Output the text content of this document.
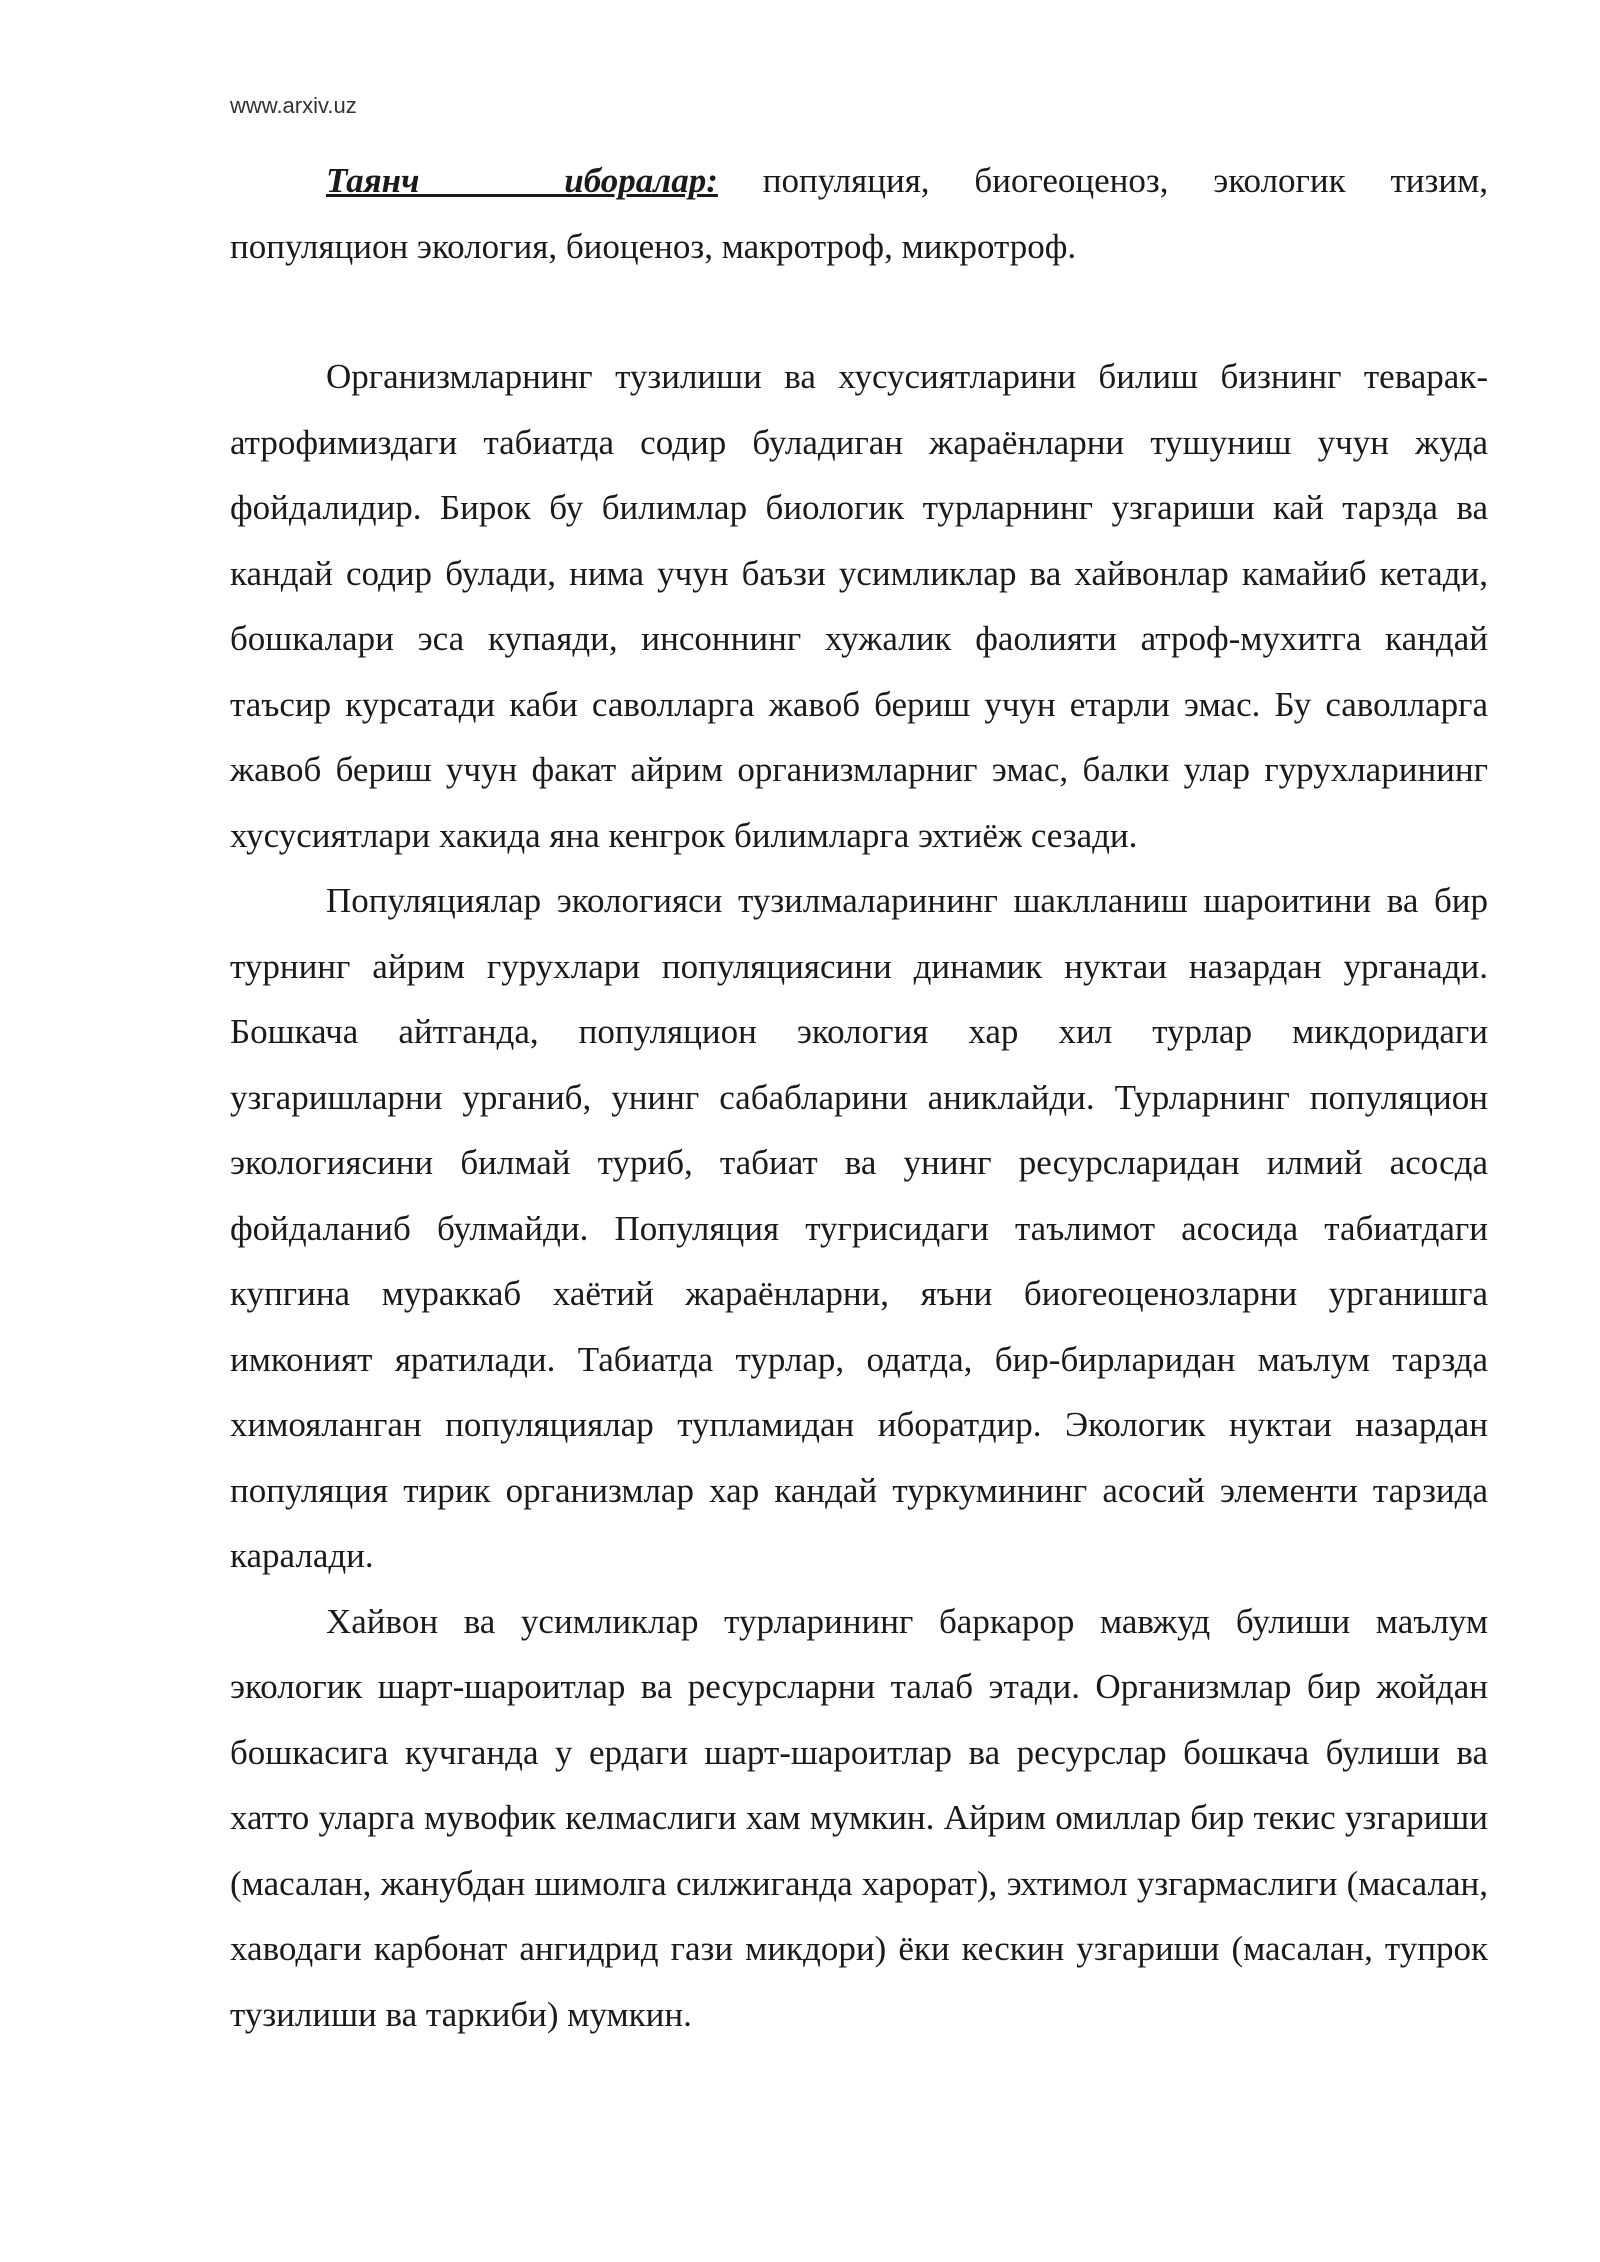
www.arxiv.uz

Таянч иборалар: популяция, биогеоценоз, экологик тизим, популяцион экология, биоценоз, макротроф, микротроф.

Организмларнинг тузилиши ва хусусиятларини билиш бизнинг теварак-атрофимиздаги табиатда содир буладиган жараёнларни тушуниш учун жуда фойдалидир. Бирок бу билимлар биологик турларнинг узгариши кай тарзда ва кандай содир булади, нима учун баъзи усимликлар ва хайвонлар камайиб кетади, бошкалари эса купаяди, инсоннинг хужалик фаолияти атроф-мухитга кандай таъсир курсатади каби саволларга жавоб бериш учун етарли эмас. Бу саволларга жавоб бериш учун факат айрим организмларниг эмас, балки улар гурухларининг хусусиятлари хакида яна кенгрок билимларга эхтиёж сезади.

Популяциялар экологияси тузилмаларининг шаклланиш шароитини ва бир турнинг айрим гурухлари популяциясини динамик нуктаи назардан урганади. Бошкача айтганда, популяцион экология хар хил турлар микдоридаги узгаришларни урганиб, унинг сабабларини аниклайди. Турларнинг популяцион экологиясини билмай туриб, табиат ва унинг ресурсларидан илмий асосда фойдаланиб булмайди. Популяция тугрисидаги таълимот асосида табиатдаги купгина мураккаб хаётий жараёнларни, яъни биогеоценозларни урганишга имконият яратилади. Табиатда турлар, одатда, бир-бирларидан маълум тарзда химояланган популяциялар тупламидан иборатдир. Экологик нуктаи назардан популяция тирик организмлар хар кандай туркумининг асосий элементи тарзида каралади.

Хайвон ва усимликлар турларининг баркарор мавжуд булиши маълум экологик шарт-шароитлар ва ресурсларни талаб этади. Организмлар бир жойдан бошкасига кучганда у ердаги шарт-шароитлар ва ресурслар бошкача булиши ва хатто уларга мувофик келмаслиги хам мумкин. Айрим омиллар бир текис узгариши (масалан, жанубдан шимолга силжиганда харорат), эхтимол узгармаслиги (масалан, хаводаги карбонат ангидрид гази микдори) ёки кескин узгариши (масалан, тупрок тузилиши ва таркиби) мумкин.
